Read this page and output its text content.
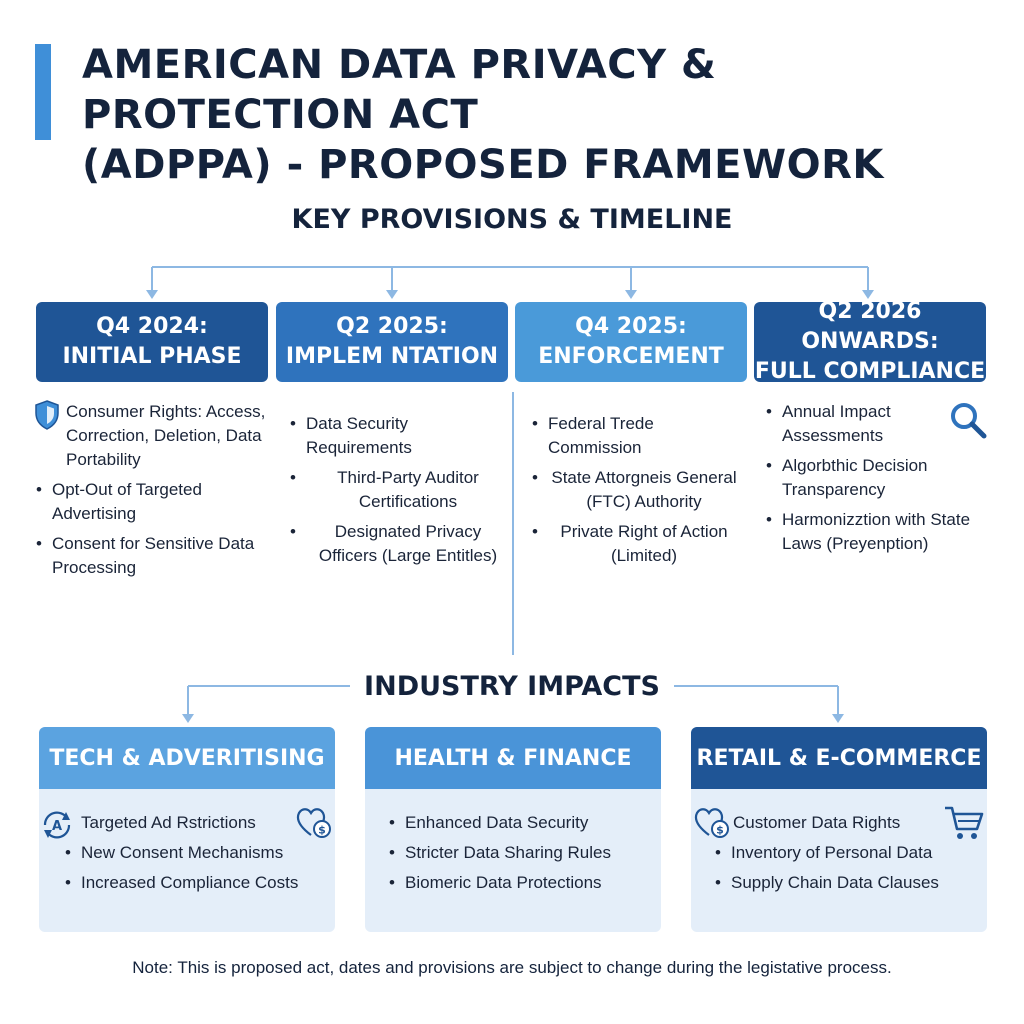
AMERICAN DATA PRIVACY & PROTECTION ACT
(ADPPA) - PROPOSED FRAMEWORK
KEY PROVISIONS & TIMELINE
Q4 2024:
INITIAL PHASE
Q2 2025:
IMPLEM NTATION
Q4 2025:
ENFORCEMENT
Q2 2026 ONWARDS:
FULL COMPLIANCE
Consumer Rights: Access, Correction, Deletion, Data Portability
• Opt-Out of Targeted Advertising
• Consent for Sensitive Data Processing
• Data Security Requirements
• Third-Party Auditor Certifications
• Designated Privacy Officers (Large Entitles)
• Federal Trede Commission
• State Attorgneis General (FTC) Authority
• Private Right of Action (Limited)
• Annual Impact Assessments
• Algorbthic Decision Transparency
• Harmonizztion with State Laws (Preyenption)
INDUSTRY IMPACTS
TECH & ADVERITISING
A	$
Targeted Ad Rstrictions
• New Consent Mechanisms
• Increased Compliance Costs
HEALTH & FINANCE
• Enhanced Data Security
• Stricter Data Sharing Rules
• Biomeric Data Protections
RETAIL & E-COMMERCE
$ Customer Data Rights
• Inventory of Personal Data
• Supply Chain Data Clauses
Note: This is proposed act, dates and provisions are subject to change during the legistative process.
